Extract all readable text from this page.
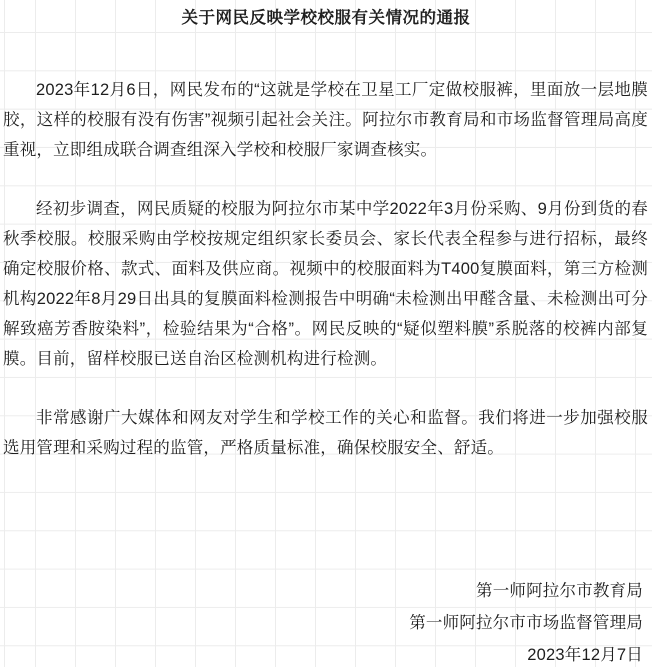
关于网民反映学校校服有关情况的通报

2023年12月6日，网民发布的“这就是学校在卫星工厂定做校服裤，里面放一层地膜胶，这样的校服有没有伤害”视频引起社会关注。阿拉尔市教育局和市场监督管理局高度重视，立即组成联合调查组深入学校和校服厂家调查核实。

经初步调查，网民质疑的校服为阿拉尔市某中学2022年3月份采购、9月份到货的春秋季校服。校服采购由学校按规定组织家长委员会、家长代表全程参与进行招标，最终确定校服价格、款式、面料及供应商。视频中的校服面料为T400复膜面料，第三方检测机构2022年8月29日出具的复膜面料检测报告中明确“未检测出甲醛含量、未检测出可分解致癌芳香胺染料”，检验结果为“合格”。网民反映的“疑似塑料膜”系脱落的校裤内部复膜。目前，留样校服已送自治区检测机构进行检测。

非常感谢广大媒体和网友对学生和学校工作的关心和监督。我们将进一步加强校服选用管理和采购过程的监管，严格质量标准，确保校服安全、舒适。

第一师阿拉尔市教育局
第一师阿拉尔市市场监督管理局
2023年12月7日
